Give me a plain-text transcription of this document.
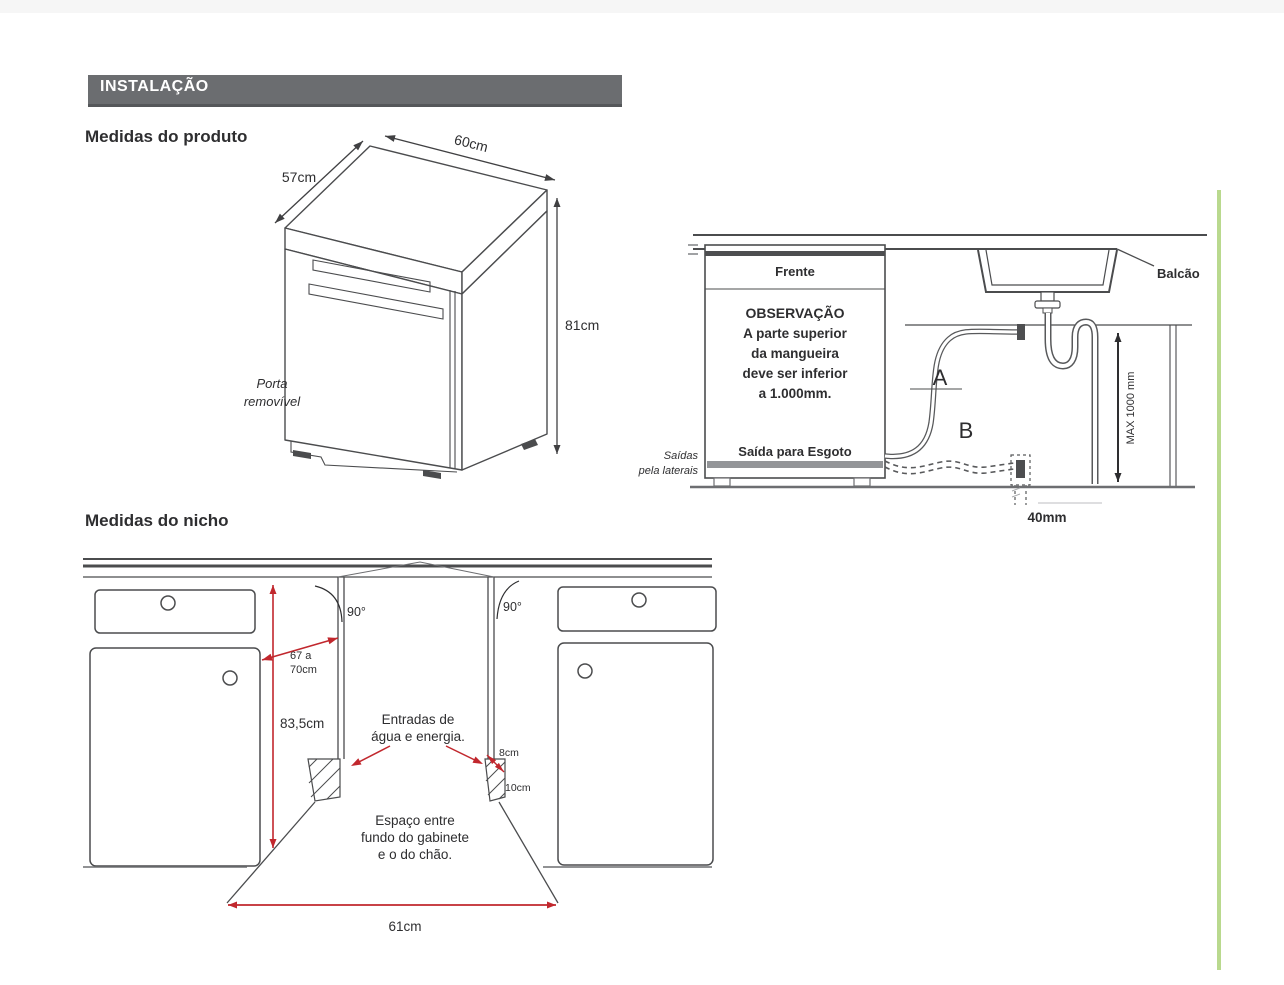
INSTALAÇÃO
Medidas do produto
Medidas do nicho
57cm
60cm
81cm
Porta
removível
Balcão
Frente
OBSERVAÇÃO
A parte superior
da mangueira
deve ser inferior
a 1.000mm.
Saída para Esgoto
Saídas
pela laterais
A
B	MAX 1000 mm
40mm
90°	90°
83,5cm
67 a
70cm
Entradas de
água e energia.
8cm
10cm
Espaço entre
fundo do gabinete
e o do chão.
61cm
